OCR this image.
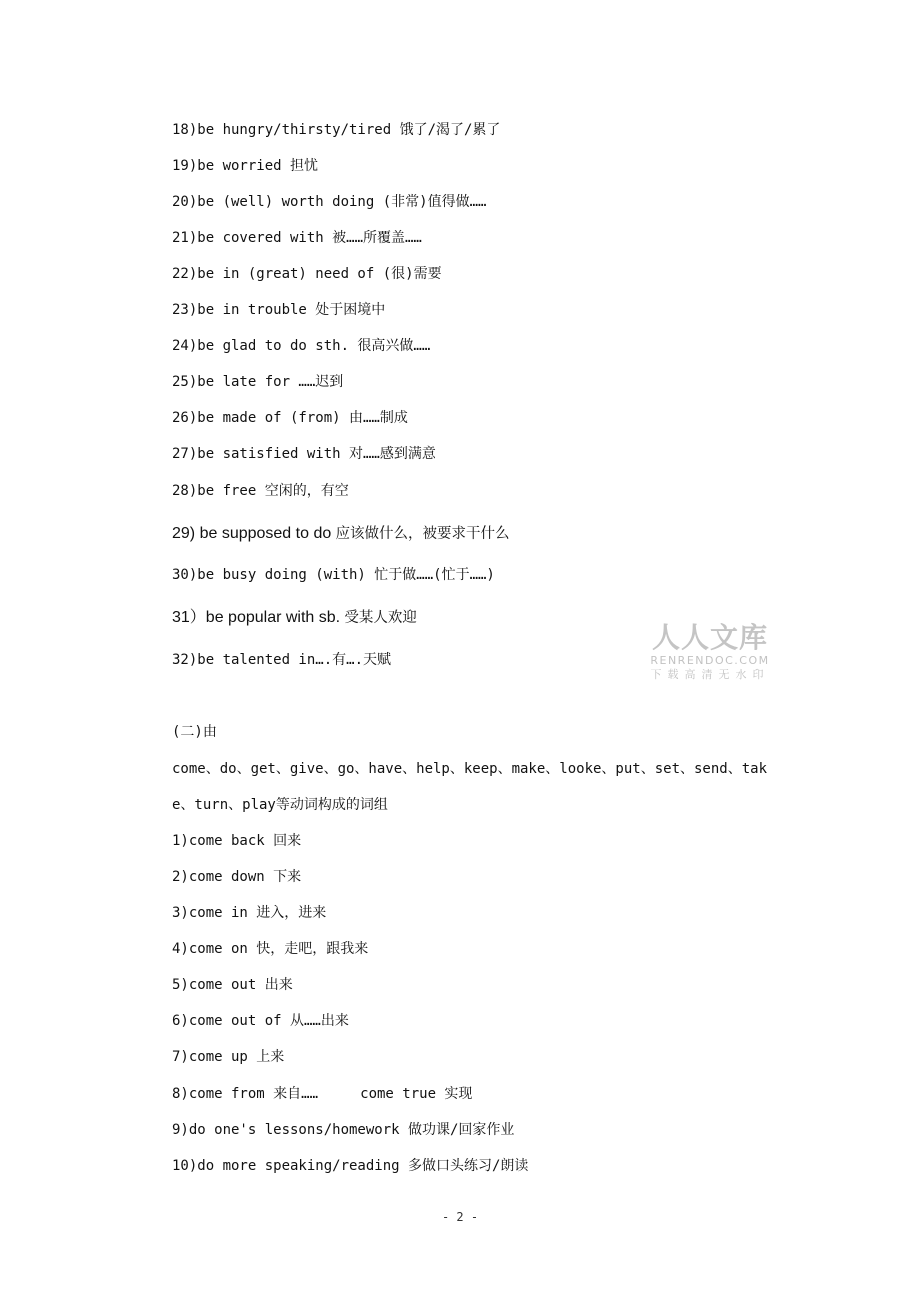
18)be hungry/thirsty/tired 饿了/渴了/累了
19)be worried 担忧
20)be (well) worth doing (非常)值得做……
21)be covered with 被……所覆盖……
22)be in (great) need of (很)需要
23)be in trouble 处于困境中
24)be glad to do sth. 很高兴做……
25)be late for ……迟到
26)be made of (from) 由……制成
27)be satisfied with 对……感到满意
28)be free 空闲的，有空
29) be supposed to do 应该做什么，被要求干什么
30)be busy doing (with) 忙于做……(忙于……)
31）be popular with sb. 受某人欢迎
32)be talented in….有….天赋
人人文库
RENRENDOC.COM
下载高清无水印
(二)由
come、do、get、give、go、have、help、keep、make、looke、put、set、send、tak
e、turn、play等动词构成的词组
1)come back 回来
2)come down 下来
3)come in 进入，进来
4)come on 快，走吧，跟我来
5)come out 出来
6)come out of 从……出来
7)come up 上来
8)come from 来自……     come true 实现
9)do one's lessons/homework 做功课/回家作业
10)do more speaking/reading 多做口头练习/朗读
- 2 -
